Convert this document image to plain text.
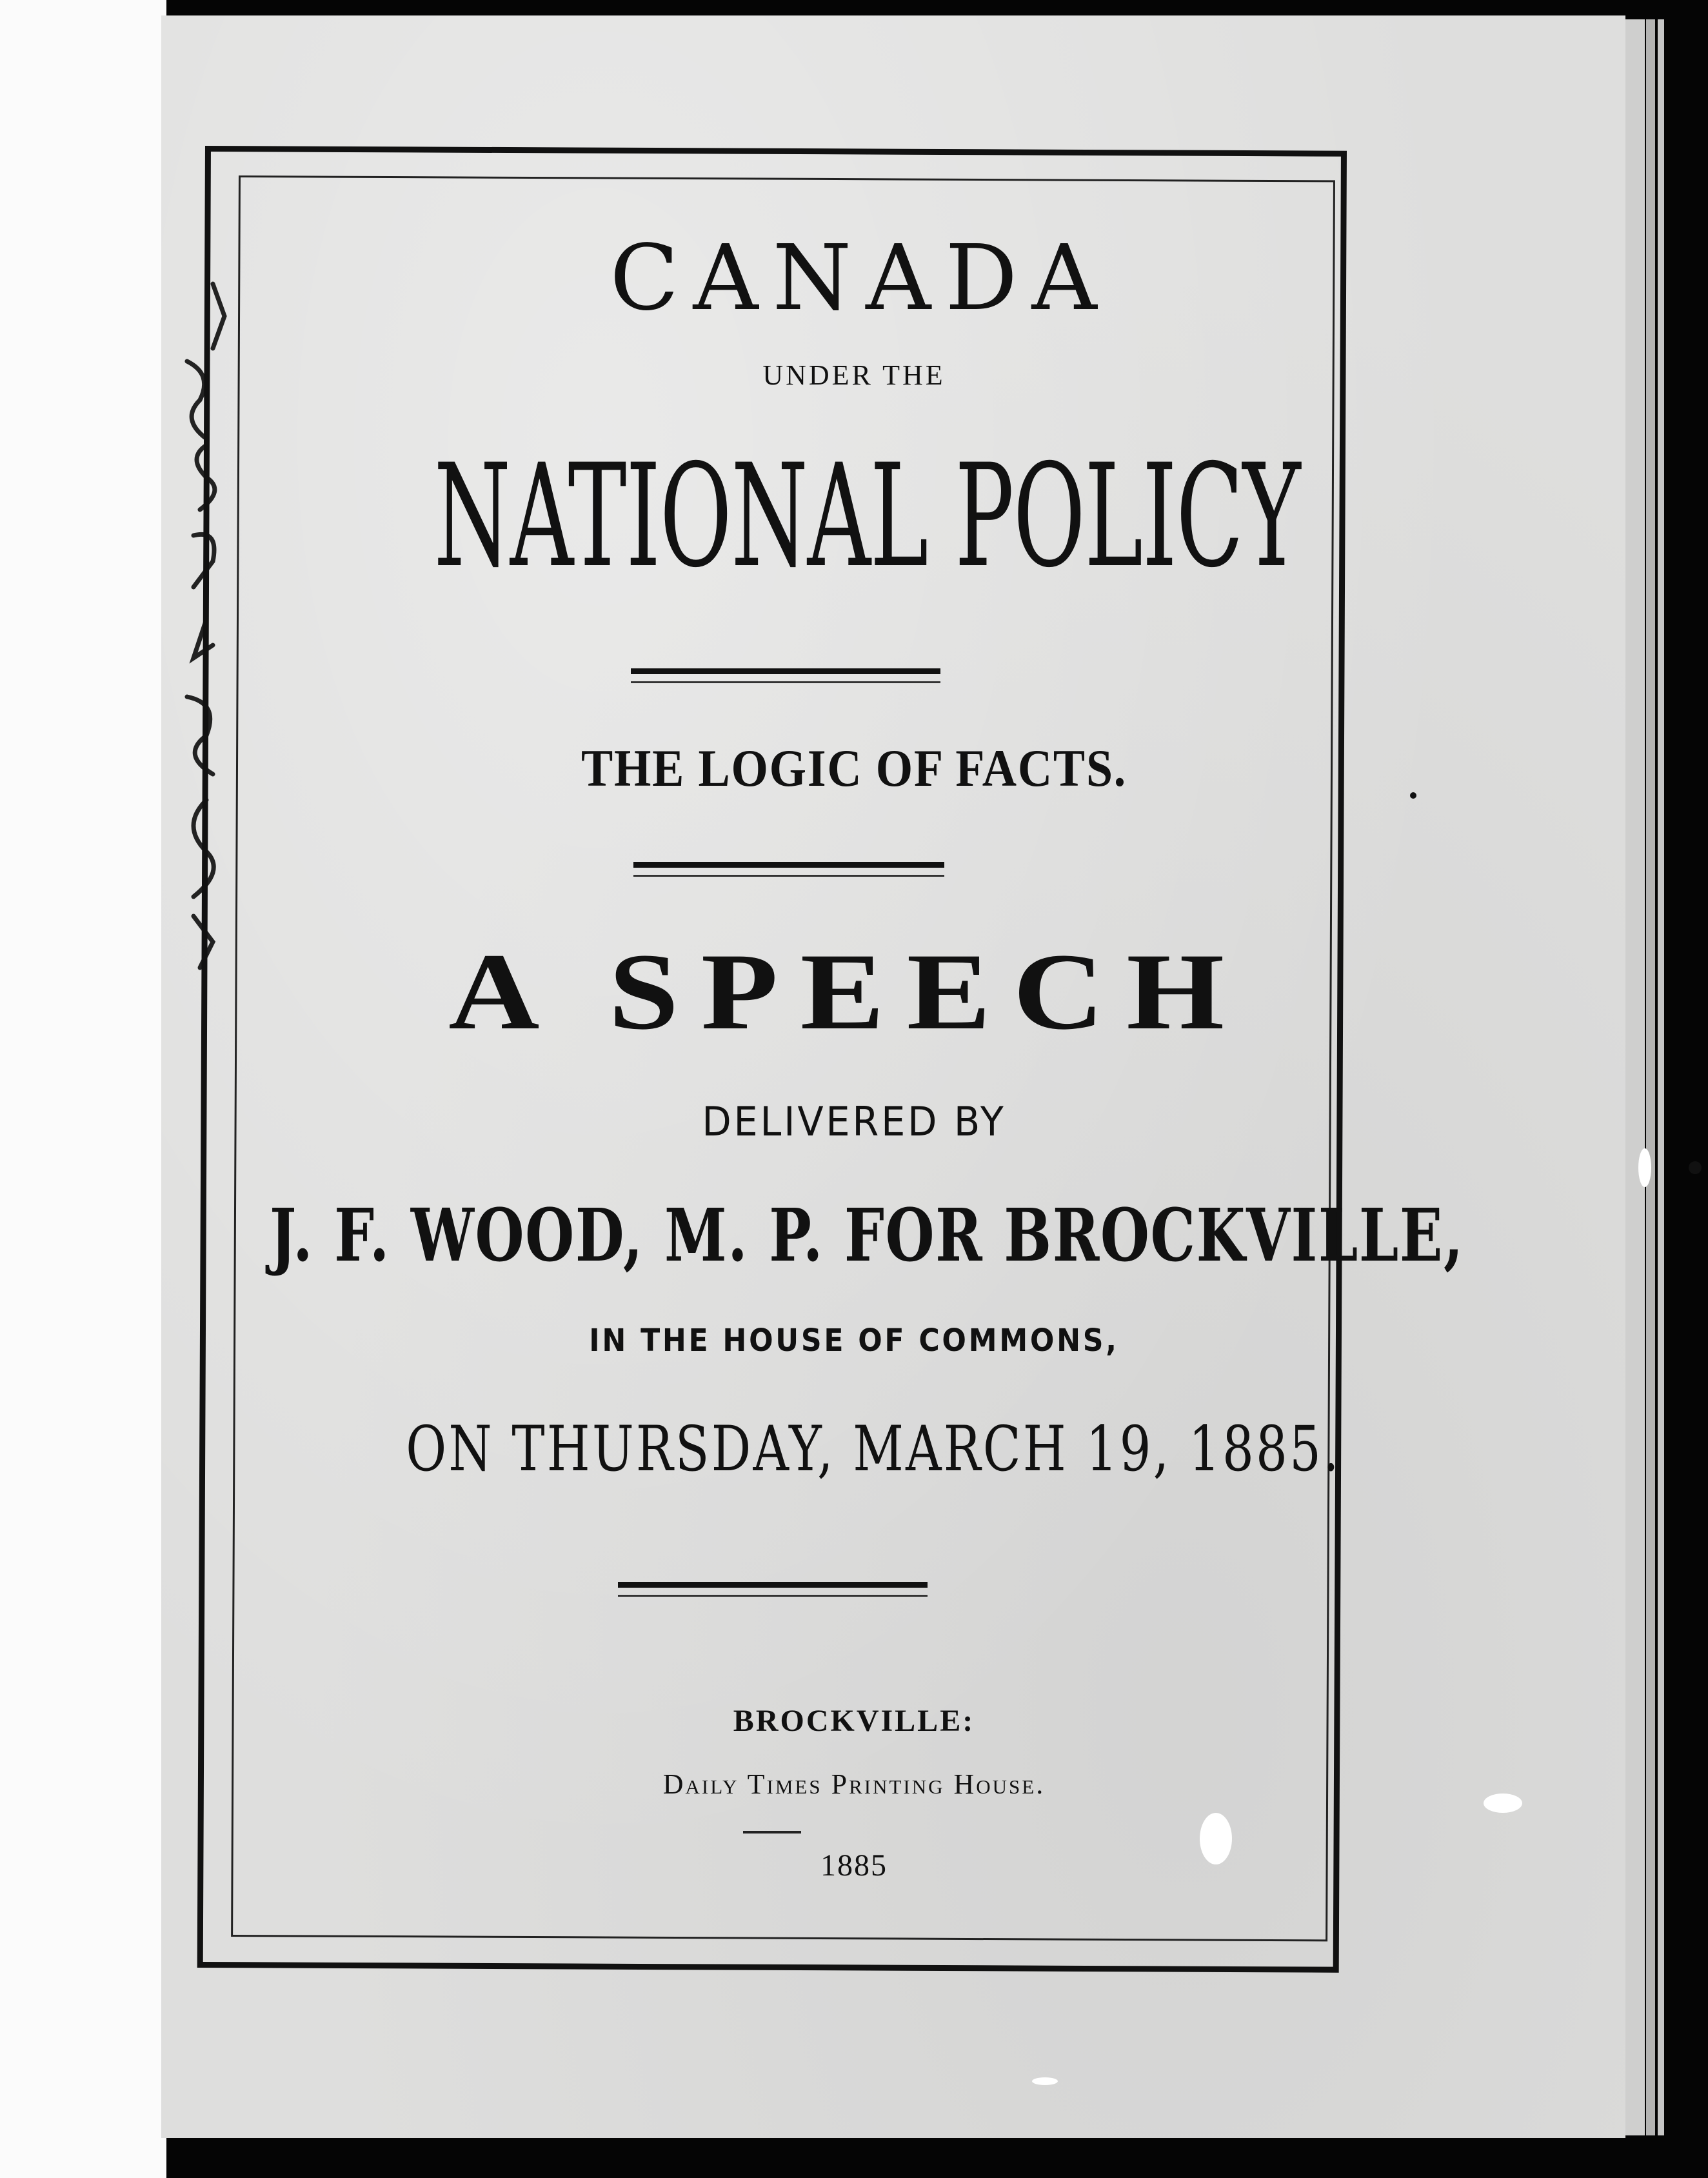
CANADA
UNDER THE
NATIONAL POLICY
THE LOGIC OF FACTS.
A SPEECH
DELIVERED BY
J. F. WOOD, M. P. FOR BROCKVILLE,
IN THE HOUSE OF COMMONS,
ON THURSDAY, MARCH 19, 1885.
BROCKVILLE:
Daily Times Printing House.
1885
